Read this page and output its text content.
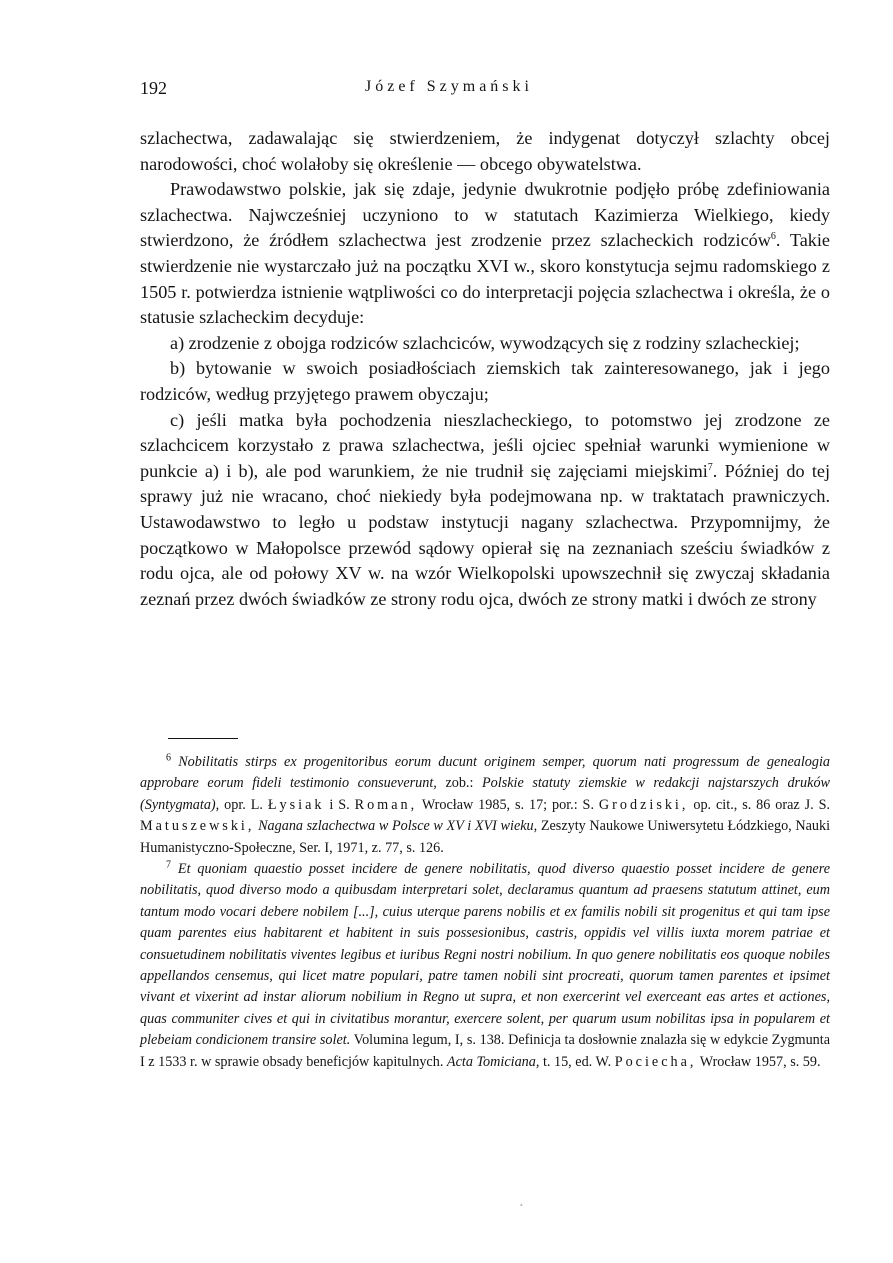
192	Józef Szymański

szlachectwa, zadawalając się stwierdzeniem, że indygenat dotyczył szlachty obcej narodowości, choć wolałoby się określenie — obcego obywatelstwa.

Prawodawstwo polskie, jak się zdaje, jedynie dwukrotnie podjęło próbę zdefiniowania szlachectwa. Najwcześniej uczyniono to w statutach Kazimierza Wielkiego, kiedy stwierdzono, że źródłem szlachectwa jest zrodzenie przez szlacheckich rodziców$^6$. Takie stwierdzenie nie wystarczało już na początku XVI w., skoro konstytucja sejmu radomskiego z 1505 r. potwierdza istnienie wątpliwości co do interpretacji pojęcia szlachectwa i określa, że o statusie szlacheckim decyduje:

a) zrodzenie z obojga rodziców szlachciców, wywodzących się z rodziny szlacheckiej;

b) bytowanie w swoich posiadłościach ziemskich tak zainteresowanego, jak i jego rodziców, według przyjętego prawem obyczaju;

c) jeśli matka była pochodzenia nieszlacheckiego, to potomstwo jej zrodzone ze szlachcicem korzystało z prawa szlachectwa, jeśli ojciec spełniał warunki wymienione w punkcie a) i b), ale pod warunkiem, że nie trudnił się zajęciami miejskimi$^7$. Później do tej sprawy już nie wracano, choć niekiedy była podejmowana np. w traktatach prawniczych. Ustawodawstwo to legło u podstaw instytucji nagany szlachectwa. Przypomnijmy, że początkowo w Małopolsce przewód sądowy opierał się na zeznaniach sześciu świadków z rodu ojca, ale od połowy XV w. na wzór Wielkopolski upowszechnił się zwyczaj składania zeznań przez dwóch świadków ze strony rodu ojca, dwóch ze strony matki i dwóch ze strony

$^6$ Nobilitatis stirps ex progenitoribus eorum ducunt originem semper, quorum nati progressum de genealogia approbare eorum fideli testimonio consueverunt, zob.: Polskie statuty ziemskie w redakcji najstarszych druków (Syntygmata), opr. L. Łysiak i S. Roman, Wrocław 1985, s. 17; por.: S. Grodziski, op. cit., s. 86 oraz J. S. Matuszewski, Nagana szlachectwa w Polsce w XV i XVI wieku, Zeszyty Naukowe Uniwersytetu Łódzkiego, Nauki Humanistyczno-Społeczne, Ser. I, 1971, z. 77, s. 126.

$^7$ Et quoniam quaestio posset incidere de genere nobilitatis, quod diverso quaestio posset incidere de genere nobilitatis, quod diverso modo a quibusdam interpretari solet, declaramus quantum ad praesens statutum attinet, eum tantum modo vocari debere nobilem [...], cuius uterque parens nobilis et ex familis nobili sit progenitus et qui tam ipse quam parentes eius habitarent et habitent in suis possesionibus, castris, oppidis vel villis iuxta morem patriae et consuetudinem nobilitatis viventes legibus et iuribus Regni nostri nobilium. In quo genere nobilitatis eos quoque nobiles appellandos censemus, qui licet matre populari, patre tamen nobili sint procreati, quorum tamen parentes et ipsimet vivant et vixerint ad instar aliorum nobilium in Regno ut supra, et non exercerint vel exerceant eas artes et actiones, quas communiter cives et qui in civitatibus morantur, exercere solent, per quarum usum nobilitas ipsa in popularem et plebeiam condicionem transire solet. Volumina legum, I, s. 138. Definicja ta dosłownie znalazła się w edykcie Zygmunta I z 1533 r. w sprawie obsady beneficjów kapitulnych. Acta Tomiciana, t. 15, ed. W. Pociecha, Wrocław 1957, s. 59.

˛
